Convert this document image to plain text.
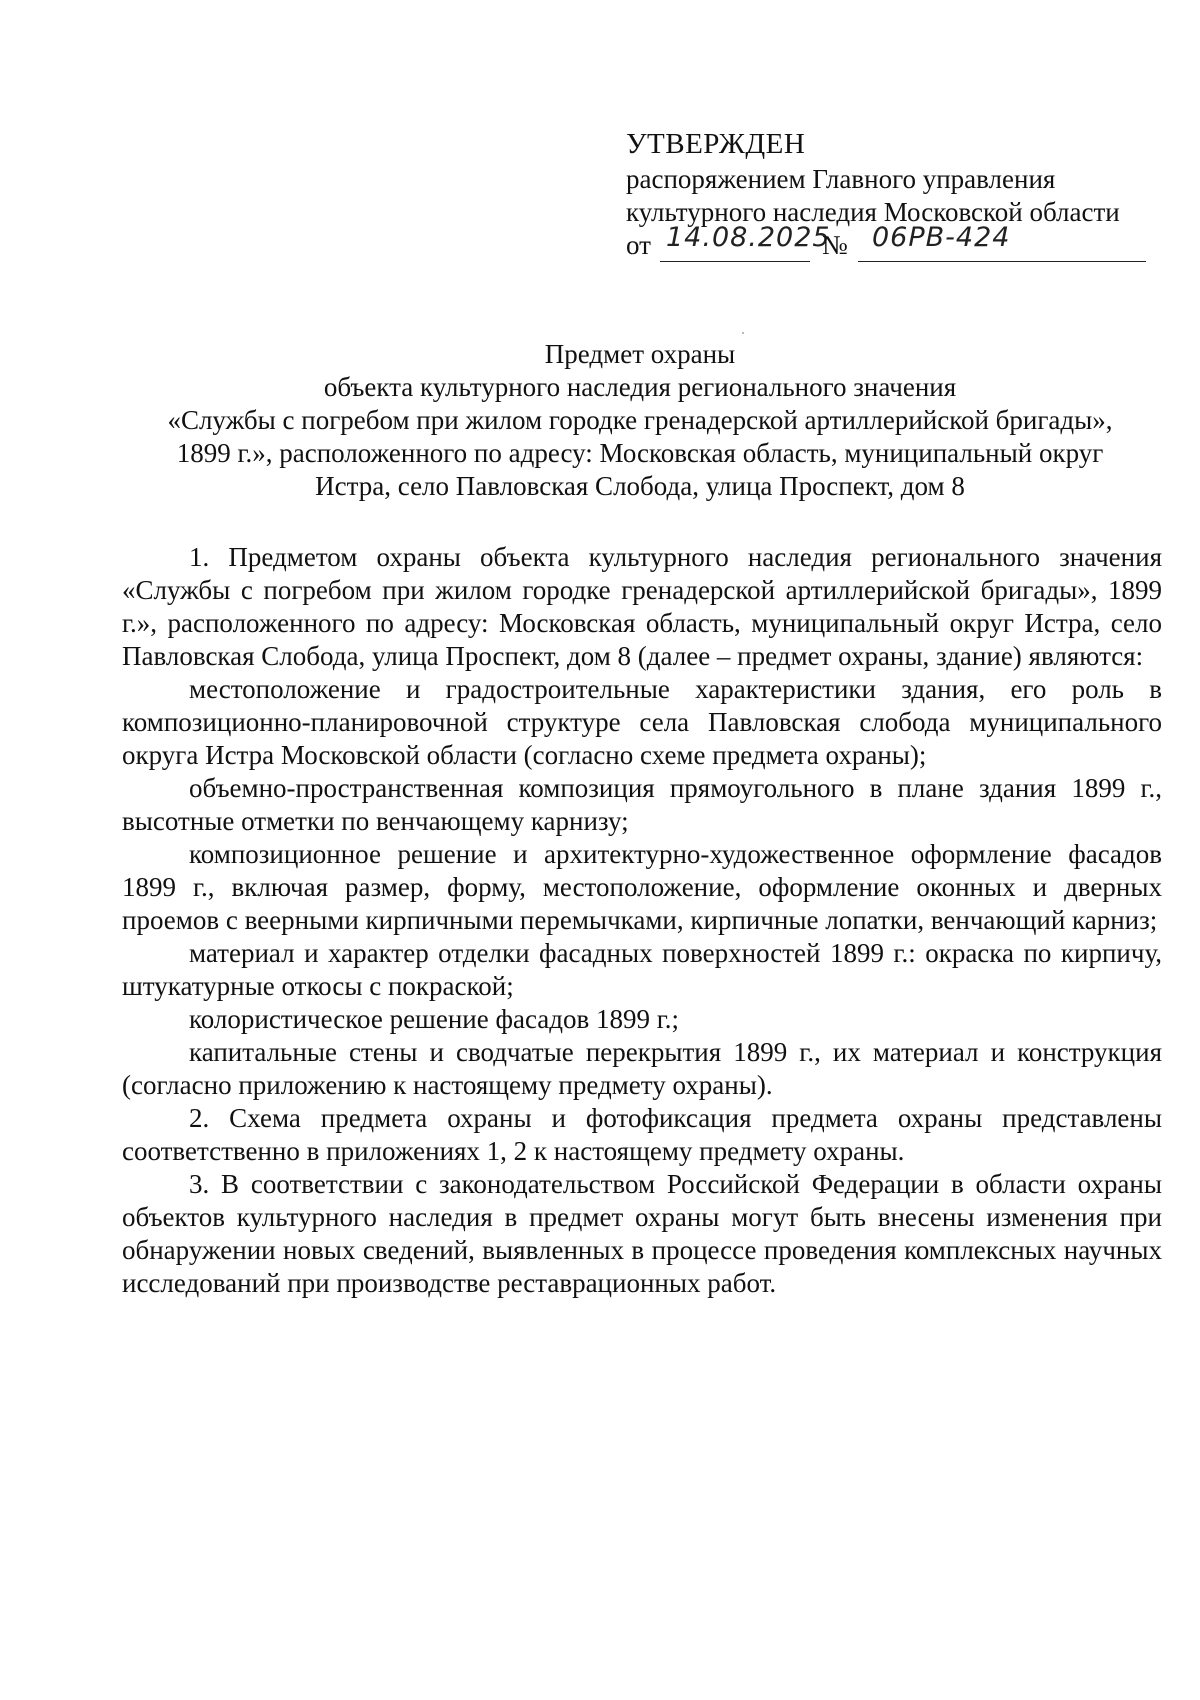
УТВЕРЖДЕН
распоряжением Главного управления
культурного наследия Московской области
от 14.08.2025
№ 06РВ-424
Предмет охраны
объекта культурного наследия регионального значения
«Службы с погребом при жилом городке гренадерской артиллерийской бригады»,
1899 г.», расположенного по адресу: Московская область, муниципальный округ
Истра, село Павловская Слобода, улица Проспект, дом 8

1. Предметом охраны объекта культурного наследия регионального значения «Службы с погребом при жилом городке гренадерской артиллерийской бригады», 1899 г.», расположенного по адресу: Московская область, муниципальный округ Истра, село Павловская Слобода, улица Проспект, дом 8 (далее – предмет охраны, здание) являются:

местоположение и градостроительные характеристики здания, его роль в композиционно-планировочной структуре села Павловская слобода муниципального округа Истра Московской области (согласно схеме предмета охраны);

объемно-пространственная композиция прямоугольного в плане здания 1899 г., высотные отметки по венчающему карнизу;

композиционное решение и архитектурно-художественное оформление фасадов 1899 г., включая размер, форму, местоположение, оформление оконных и дверных проемов с веерными кирпичными перемычками, кирпичные лопатки, венчающий карниз;

материал и характер отделки фасадных поверхностей 1899 г.: окраска по кирпичу, штукатурные откосы с покраской;

колористическое решение фасадов 1899 г.;

капитальные стены и сводчатые перекрытия 1899 г., их материал и конструкция (согласно приложению к настоящему предмету охраны).

2. Схема предмета охраны и фотофиксация предмета охраны представлены соответственно в приложениях 1, 2 к настоящему предмету охраны.

3. В соответствии с законодательством Российской Федерации в области охраны объектов культурного наследия в предмет охраны могут быть внесены изменения при обнаружении новых сведений, выявленных в процессе проведения комплексных научных исследований при производстве реставрационных работ.
